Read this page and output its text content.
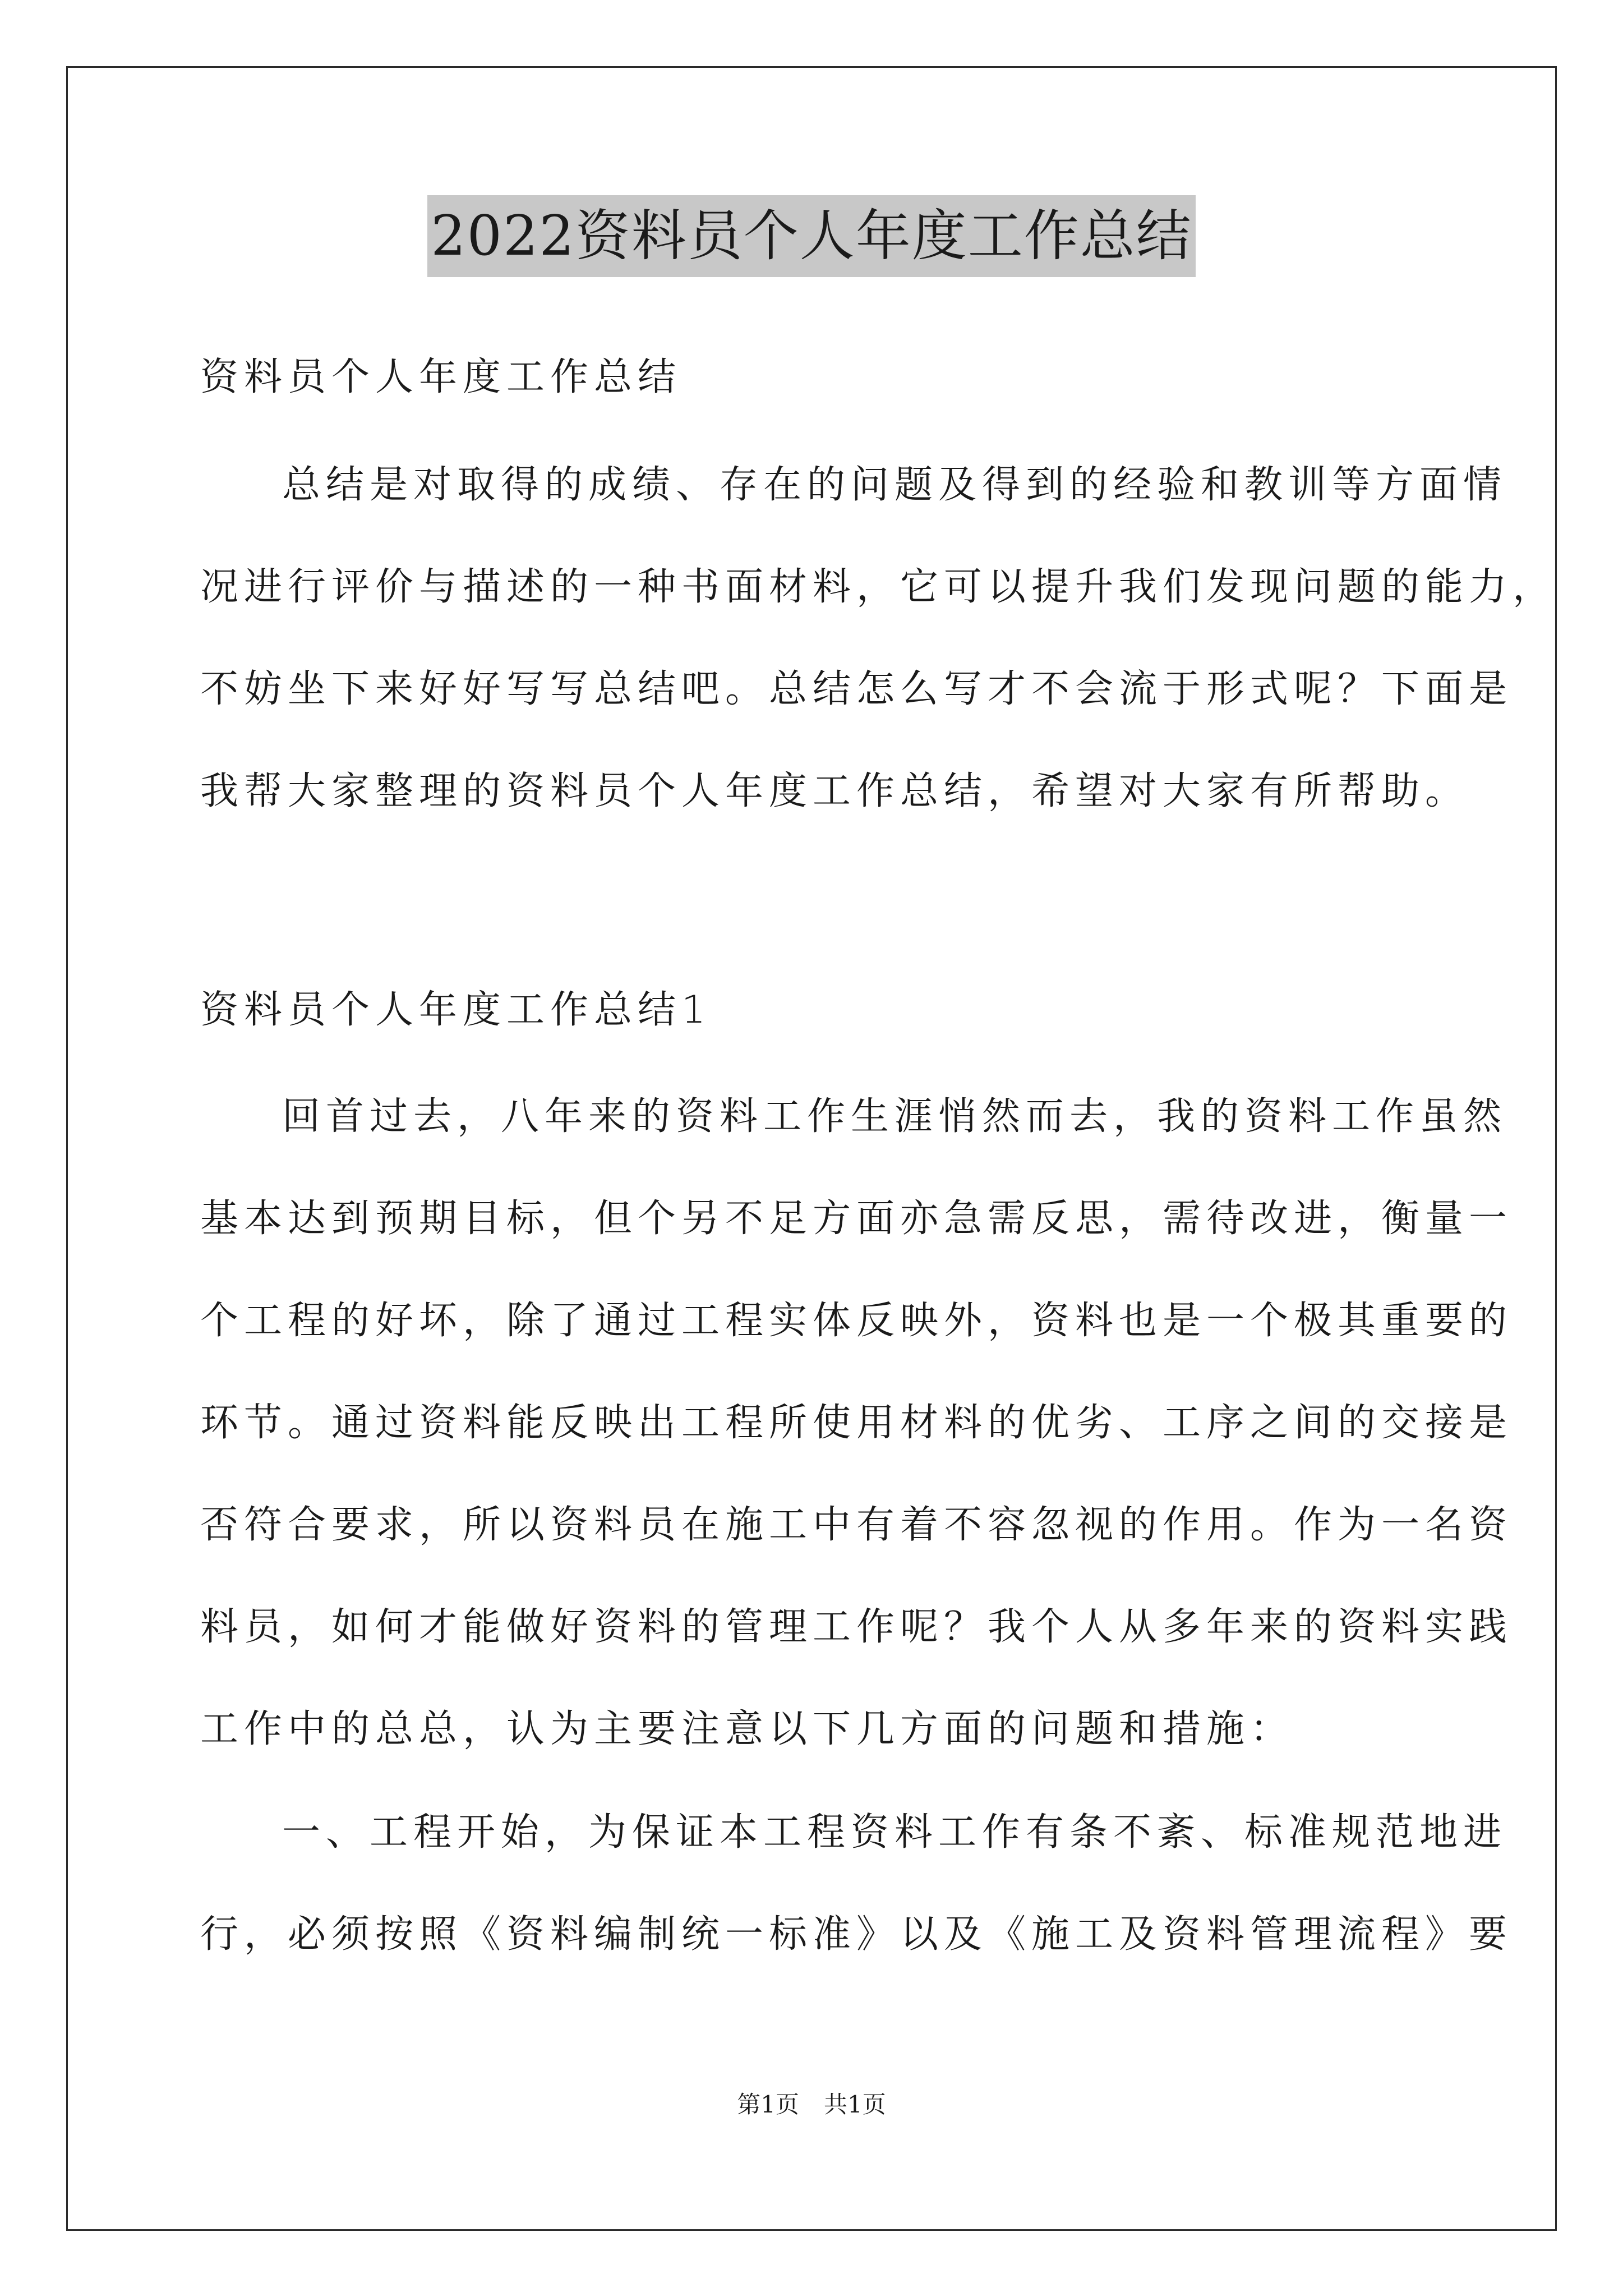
2022资料员个人年度工作总结
资料员个人年度工作总结
总结是对取得的成绩、存在的问题及得到的经验和教训等方面情
况进行评价与描述的一种书面材料，它可以提升我们发现问题的能力，
不妨坐下来好好写写总结吧。总结怎么写才不会流于形式呢？下面是
我帮大家整理的资料员个人年度工作总结，希望对大家有所帮助。
资料员个人年度工作总结1
回首过去，八年来的资料工作生涯悄然而去，我的资料工作虽然
基本达到预期目标，但个另不足方面亦急需反思，需待改进，衡量一
个工程的好坏，除了通过工程实体反映外，资料也是一个极其重要的
环节。通过资料能反映出工程所使用材料的优劣、工序之间的交接是
否符合要求，所以资料员在施工中有着不容忽视的作用。作为一名资
料员，如何才能做好资料的管理工作呢？我个人从多年来的资料实践
工作中的总总，认为主要注意以下几方面的问题和措施：
一、工程开始，为保证本工程资料工作有条不紊、标准规范地进
行，必须按照《资料编制统一标准》以及《施工及资料管理流程》要
第1页 共1页
